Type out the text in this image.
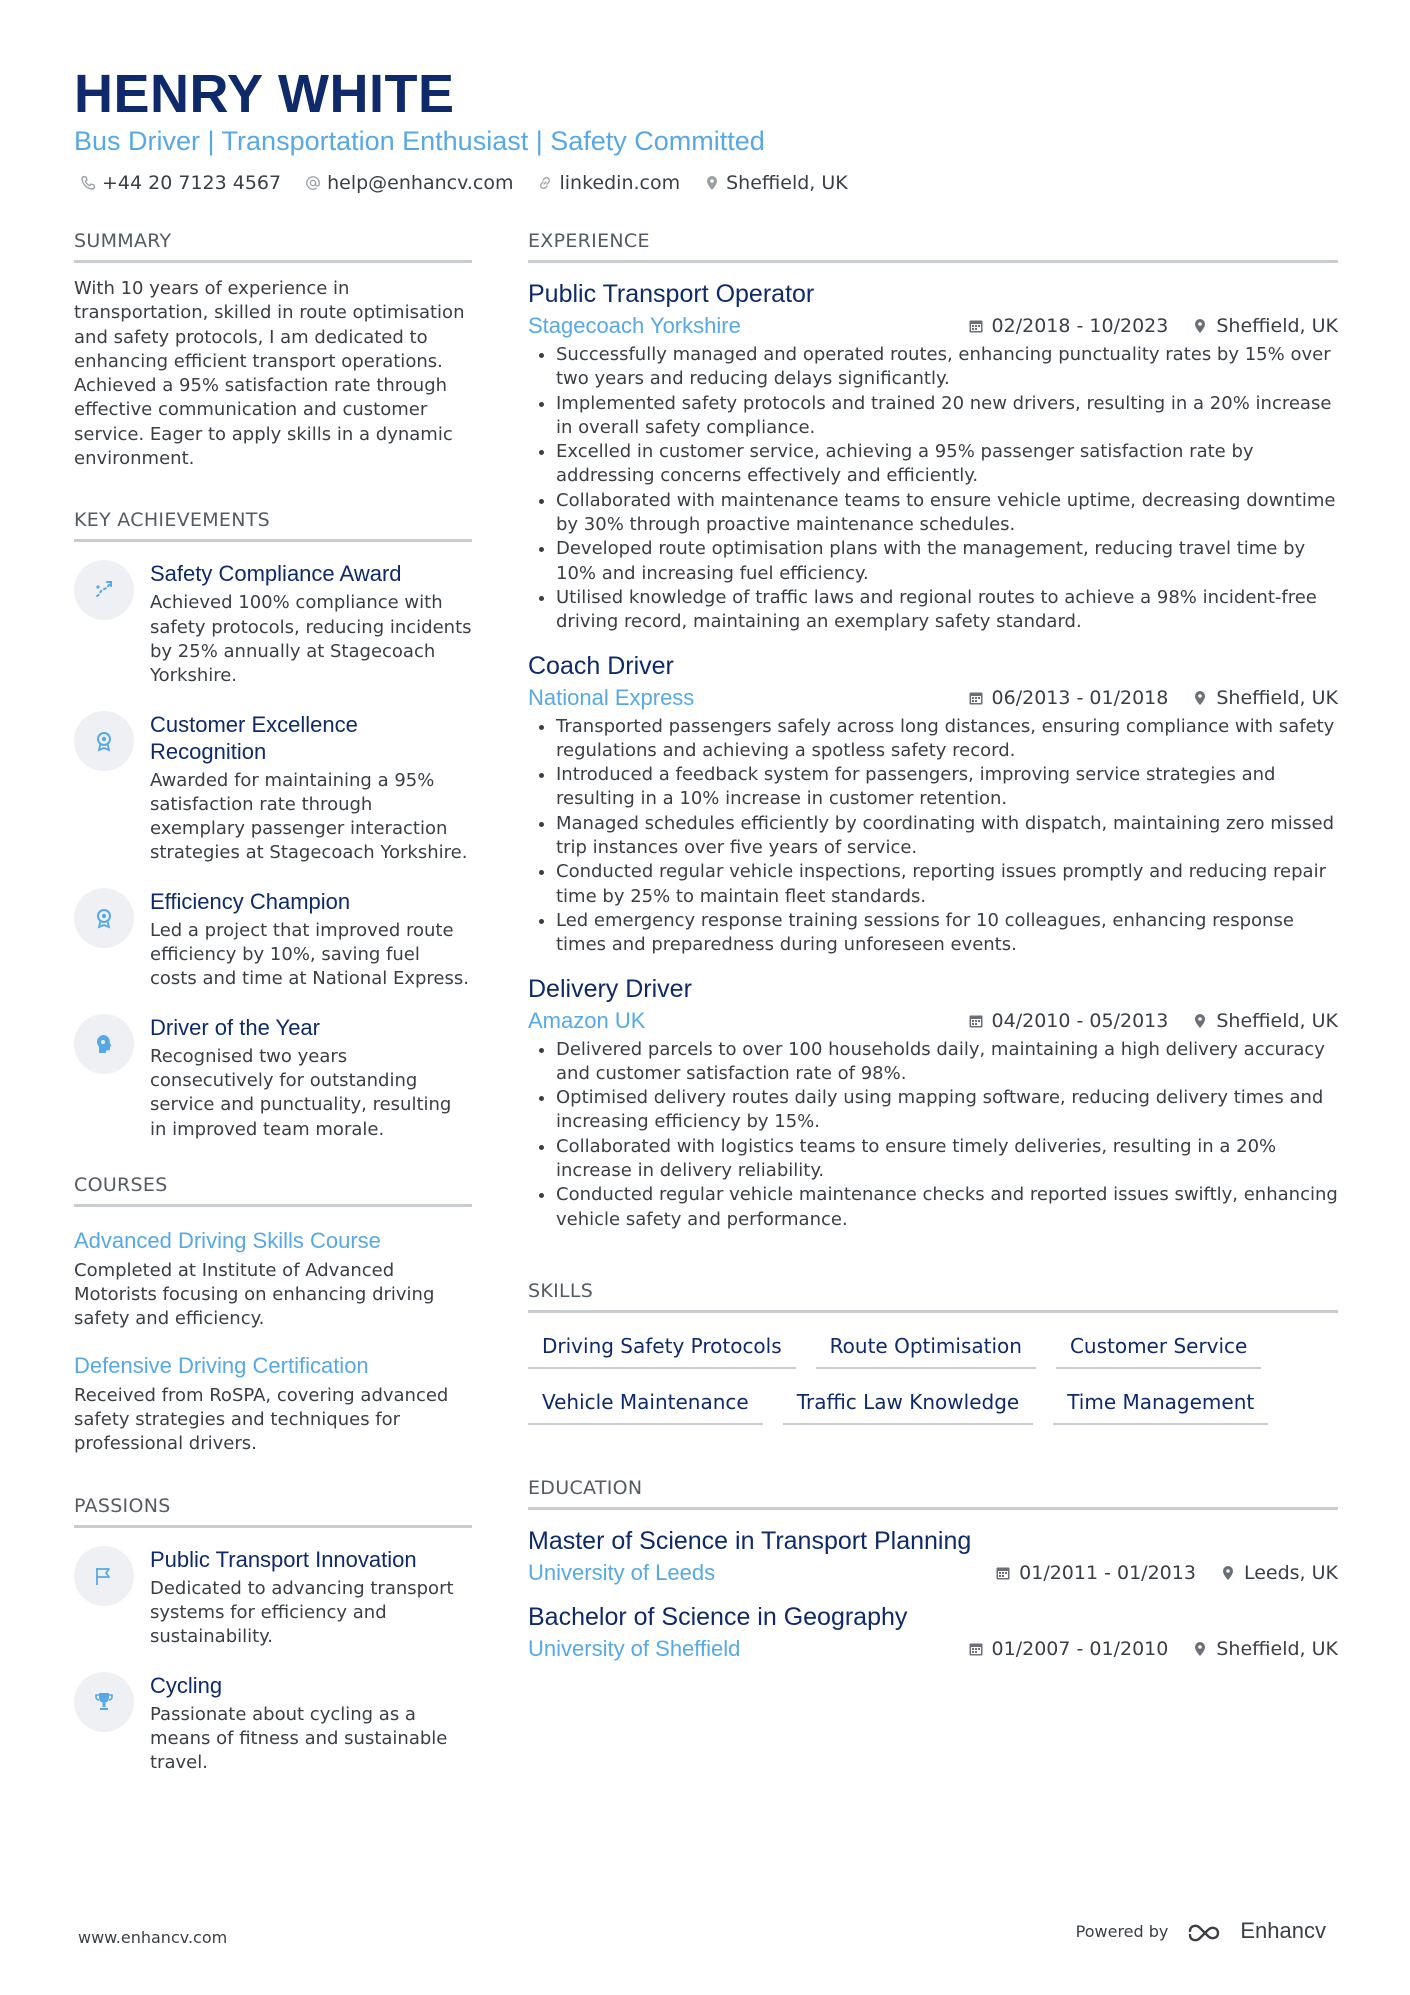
HENRY WHITE
Bus Driver | Transportation Enthusiast | Safety Committed
+44 20 7123 4567 help@enhancv.com linkedin.com Sheffield, UK
SUMMARY

With 10 years of experience in transportation, skilled in route optimisation and safety protocols, I am dedicated to enhancing efficient transport operations. Achieved a 95% satisfaction rate through effective communication and customer service. Eager to apply skills in a dynamic environment.

KEY ACHIEVEMENTS
Safety Compliance Award
Achieved 100% compliance with safety protocols, reducing incidents by 25% annually at Stagecoach Yorkshire.
Customer Excellence Recognition
Awarded for maintaining a 95% satisfaction rate through exemplary passenger interaction strategies at Stagecoach Yorkshire.
Efficiency Champion
Led a project that improved route efficiency by 10%, saving fuel costs and time at National Express.
Driver of the Year
Recognised two years consecutively for outstanding service and punctuality, resulting in improved team morale.
COURSES
Advanced Driving Skills Course
Completed at Institute of Advanced Motorists focusing on enhancing driving safety and efficiency.
Defensive Driving Certification
Received from RoSPA, covering advanced safety strategies and techniques for professional drivers.
PASSIONS
Public Transport Innovation
Dedicated to advancing transport systems for efficiency and sustainability.
Cycling
Passionate about cycling as a means of fitness and sustainable travel.
EXPERIENCE
Public Transport Operator
Stagecoach Yorkshire	02/2018 - 10/2023	Sheffield, UK
• Successfully managed and operated routes, enhancing punctuality rates by 15% over two years and reducing delays significantly.
• Implemented safety protocols and trained 20 new drivers, resulting in a 20% increase in overall safety compliance.
• Excelled in customer service, achieving a 95% passenger satisfaction rate by addressing concerns effectively and efficiently.
• Collaborated with maintenance teams to ensure vehicle uptime, decreasing downtime by 30% through proactive maintenance schedules.
• Developed route optimisation plans with the management, reducing travel time by 10% and increasing fuel efficiency.
• Utilised knowledge of traffic laws and regional routes to achieve a 98% incident-free driving record, maintaining an exemplary safety standard.
Coach Driver
National Express	06/2013 - 01/2018	Sheffield, UK
• Transported passengers safely across long distances, ensuring compliance with safety regulations and achieving a spotless safety record.
• Introduced a feedback system for passengers, improving service strategies and resulting in a 10% increase in customer retention.
• Managed schedules efficiently by coordinating with dispatch, maintaining zero missed trip instances over five years of service.
• Conducted regular vehicle inspections, reporting issues promptly and reducing repair time by 25% to maintain fleet standards.
• Led emergency response training sessions for 10 colleagues, enhancing response times and preparedness during unforeseen events.
Delivery Driver
Amazon UK	04/2010 - 05/2013	Sheffield, UK
• Delivered parcels to over 100 households daily, maintaining a high delivery accuracy and customer satisfaction rate of 98%.
• Optimised delivery routes daily using mapping software, reducing delivery times and increasing efficiency by 15%.
• Collaborated with logistics teams to ensure timely deliveries, resulting in a 20% increase in delivery reliability.
• Conducted regular vehicle maintenance checks and reported issues swiftly, enhancing vehicle safety and performance.
SKILLS
Driving Safety Protocols	Route Optimisation	Customer Service
Vehicle Maintenance	Traffic Law Knowledge	Time Management
EDUCATION
Master of Science in Transport Planning
University of Leeds	01/2011 - 01/2013	Leeds, UK
Bachelor of Science in Geography
University of Sheffield	01/2007 - 01/2010	Sheffield, UK
www.enhancv.com	Powered by	Enhancv
